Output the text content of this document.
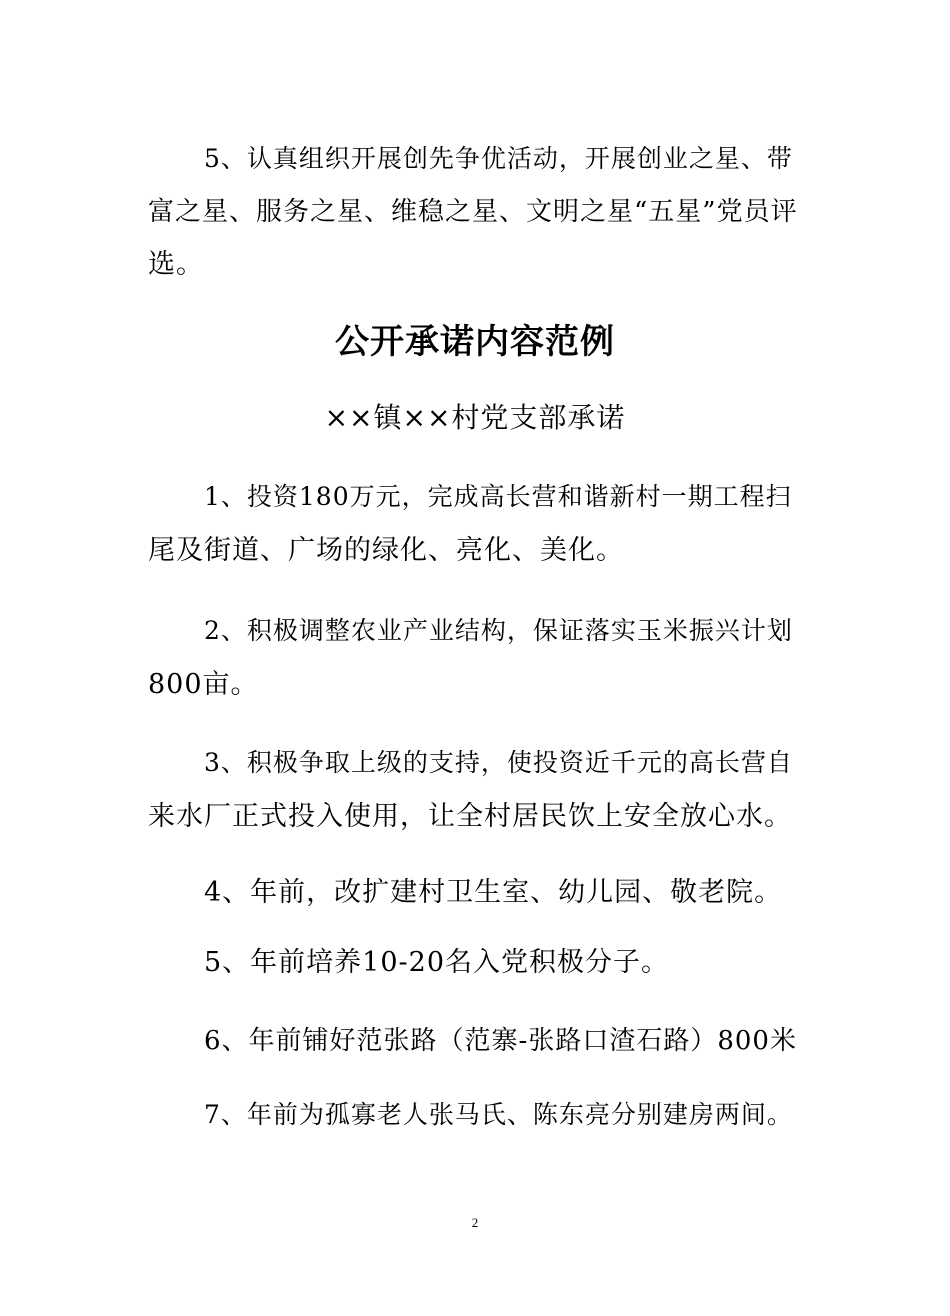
5、认真组织开展创先争优活动，开展创业之星、带
富之星、服务之星、维稳之星、文明之星“五星”党员评
选。
公开承诺内容范例
××镇××村党支部承诺
1、投资180万元，完成高长营和谐新村一期工程扫
尾及街道、广场的绿化、亮化、美化。
2、积极调整农业产业结构，保证落实玉米振兴计划
800亩。
3、积极争取上级的支持，使投资近千元的高长营自
来水厂正式投入使用，让全村居民饮上安全放心水。
4、年前，改扩建村卫生室、幼儿园、敬老院。
5、年前培养10-20名入党积极分子。
6、年前铺好范张路（范寨-张路口渣石路）800米
7、年前为孤寡老人张马氏、陈东亮分别建房两间。
2
